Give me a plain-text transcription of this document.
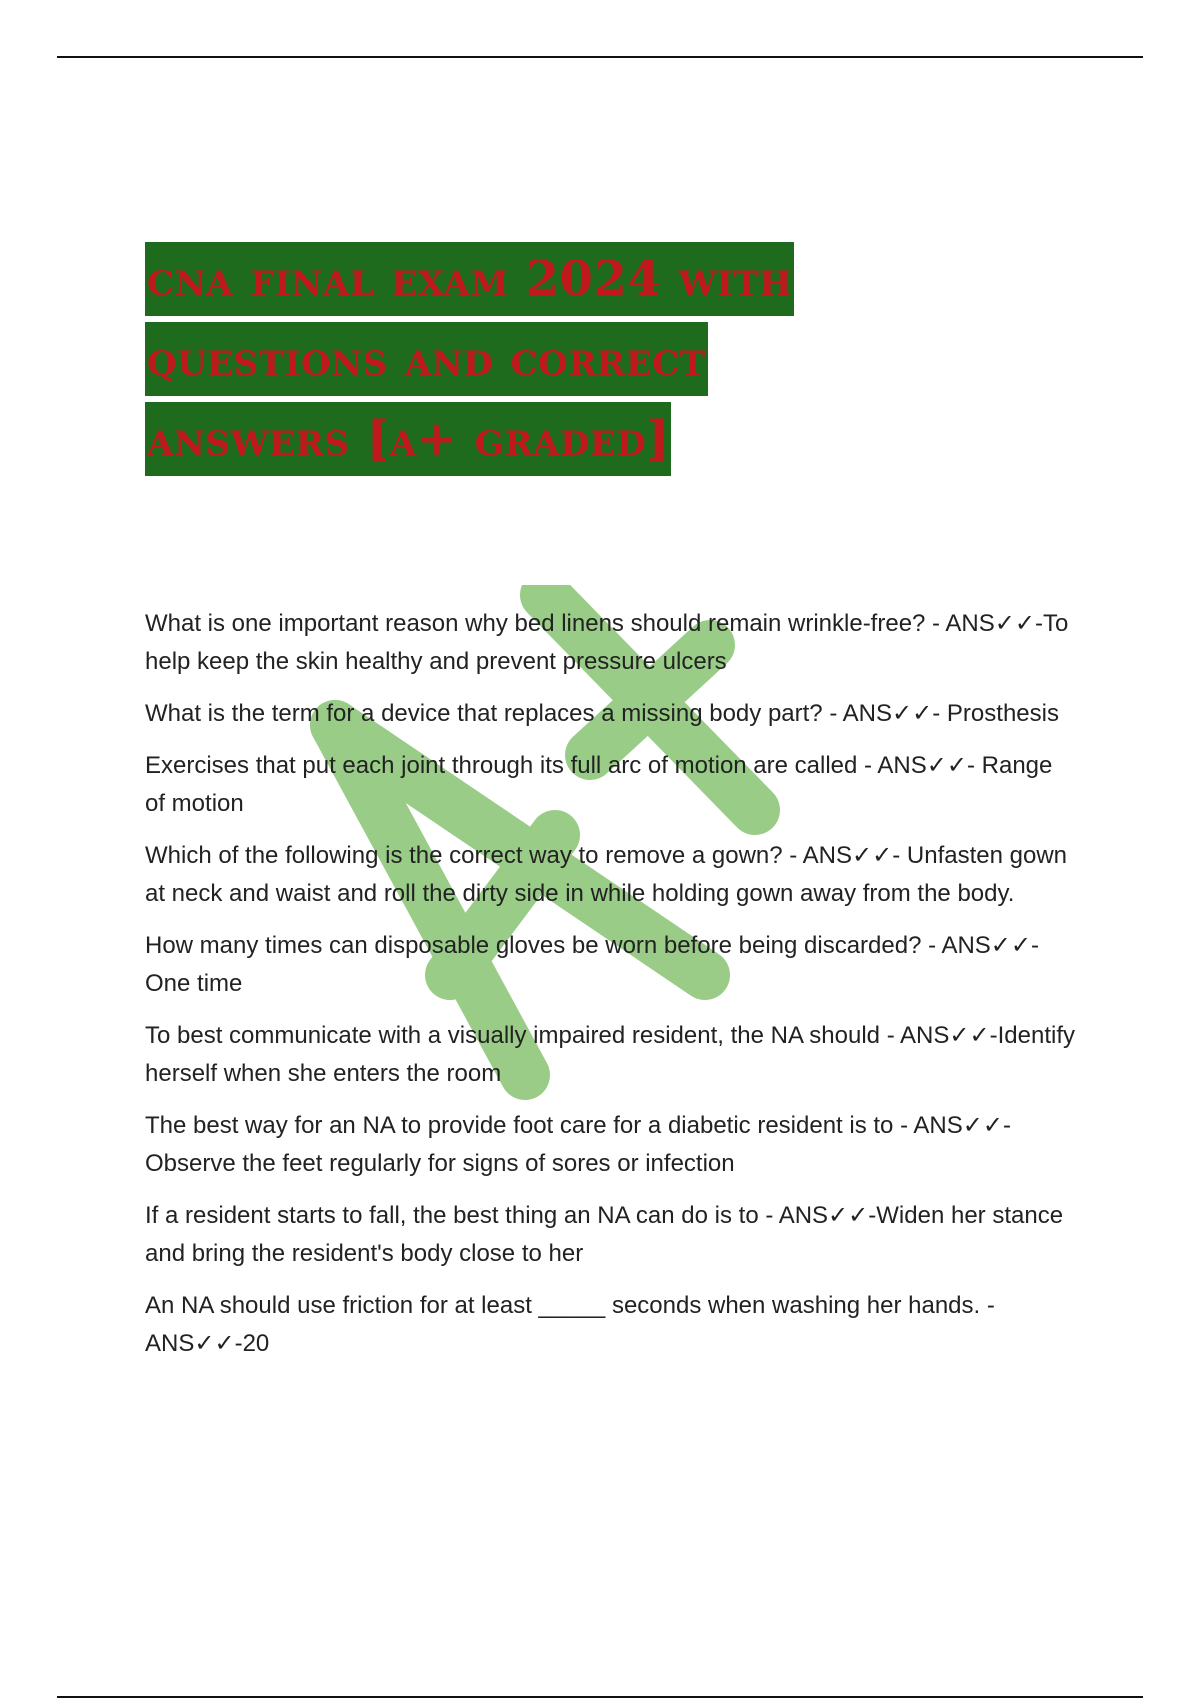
cna final exam 2024 with
questions and correct
answers [a+ graded]

What is one important reason why bed linens should remain wrinkle-free? - ANS✓✓-To help keep the skin healthy and prevent pressure ulcers

What is the term for a device that replaces a missing body part? - ANS✓✓- Prosthesis

Exercises that put each joint through its full arc of motion are called - ANS✓✓- Range of motion

Which of the following is the correct way to remove a gown? - ANS✓✓- Unfasten gown at neck and waist and roll the dirty side in while holding gown away from the body.

How many times can disposable gloves be worn before being discarded? - ANS✓✓-One time

To best communicate with a visually impaired resident, the NA should - ANS✓✓-Identify herself when she enters the room

The best way for an NA to provide foot care for a diabetic resident is to - ANS✓✓-Observe the feet regularly for signs of sores or infection

If a resident starts to fall, the best thing an NA can do is to - ANS✓✓-Widen her stance and bring the resident's body close to her

An NA should use friction for at least _____ seconds when washing her hands. - ANS✓✓-20
